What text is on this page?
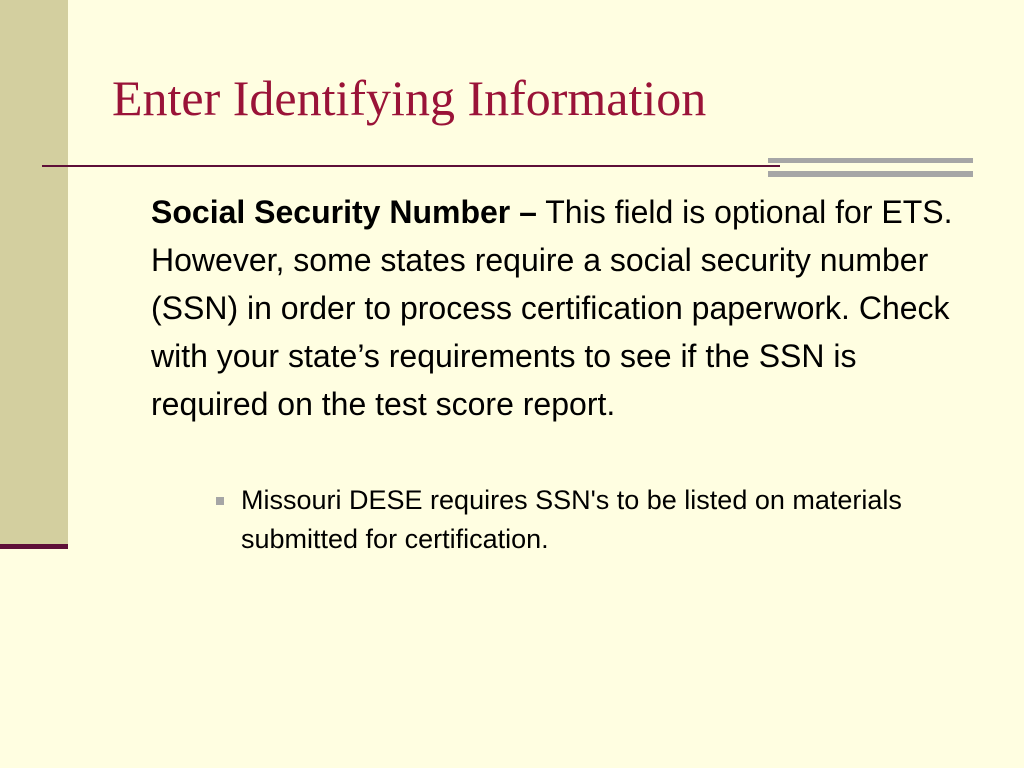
Enter Identifying Information

Social Security Number – This field is optional for ETS. However, some states require a social security number (SSN) in order to process certification paperwork. Check with your state’s requirements to see if the SSN is required on the test score report.

Missouri DESE requires SSN's to be listed on materials submitted for certification.
